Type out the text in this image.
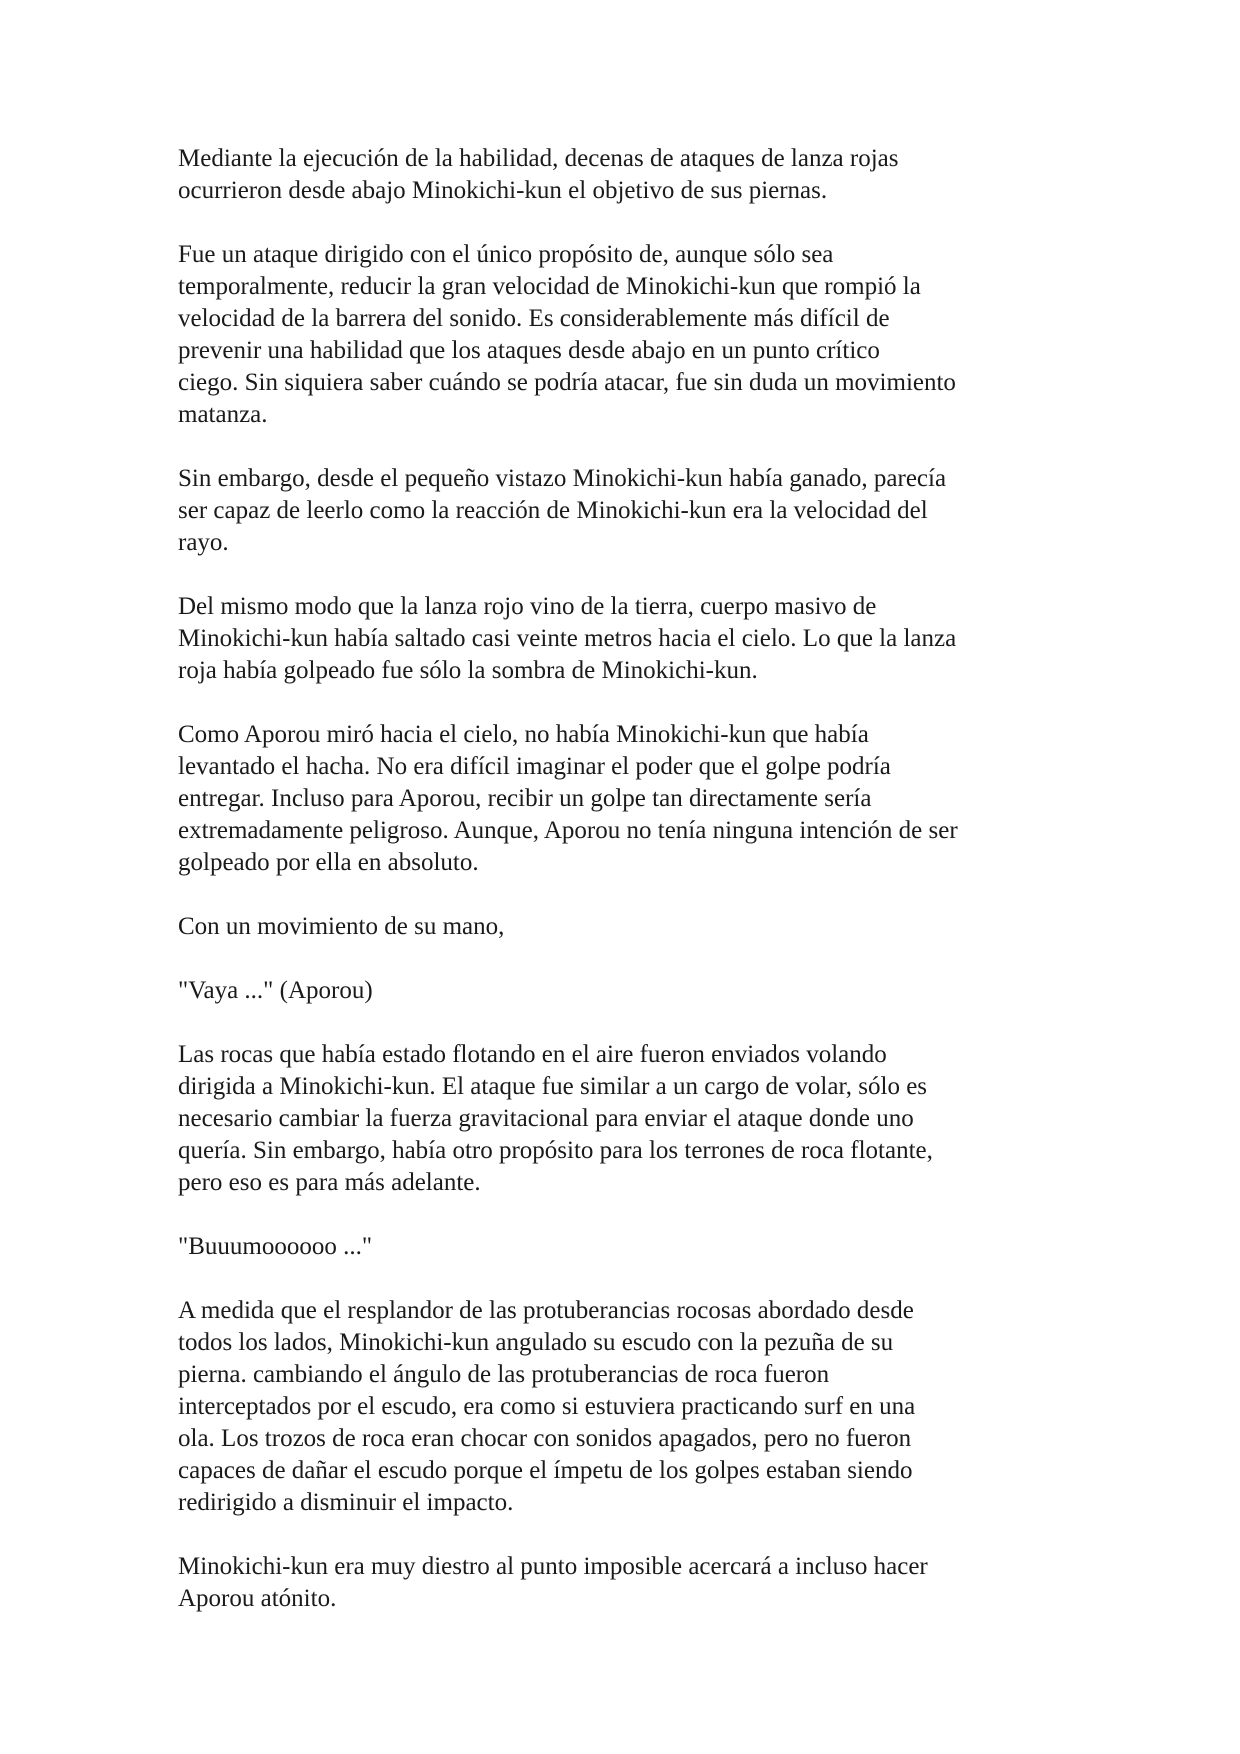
Mediante la ejecución de la habilidad, decenas de ataques de lanza rojas
ocurrieron desde abajo Minokichi-kun el objetivo de sus piernas.

Fue un ataque dirigido con el único propósito de, aunque sólo sea
temporalmente, reducir la gran velocidad de Minokichi-kun que rompió la
velocidad de la barrera del sonido. Es considerablemente más difícil de
prevenir una habilidad que los ataques desde abajo en un punto crítico
ciego. Sin siquiera saber cuándo se podría atacar, fue sin duda un movimiento
matanza.

Sin embargo, desde el pequeño vistazo Minokichi-kun había ganado, parecía
ser capaz de leerlo como la reacción de Minokichi-kun era la velocidad del
rayo.

Del mismo modo que la lanza rojo vino de la tierra, cuerpo masivo de
Minokichi-kun había saltado casi veinte metros hacia el cielo. Lo que la lanza
roja había golpeado fue sólo la sombra de Minokichi-kun.

Como Aporou miró hacia el cielo, no había Minokichi-kun que había
levantado el hacha. No era difícil imaginar el poder que el golpe podría
entregar. Incluso para Aporou, recibir un golpe tan directamente sería
extremadamente peligroso. Aunque, Aporou no tenía ninguna intención de ser
golpeado por ella en absoluto.

Con un movimiento de su mano,

"Vaya ..." (Aporou)

Las rocas que había estado flotando en el aire fueron enviados volando
dirigida a Minokichi-kun. El ataque fue similar a un cargo de volar, sólo es
necesario cambiar la fuerza gravitacional para enviar el ataque donde uno
quería. Sin embargo, había otro propósito para los terrones de roca flotante,
pero eso es para más adelante.

"Buuumoooooo ..."

A medida que el resplandor de las protuberancias rocosas abordado desde
todos los lados, Minokichi-kun angulado su escudo con la pezuña de su
pierna. cambiando el ángulo de las protuberancias de roca fueron
interceptados por el escudo, era como si estuviera practicando surf en una
ola. Los trozos de roca eran chocar con sonidos apagados, pero no fueron
capaces de dañar el escudo porque el ímpetu de los golpes estaban siendo
redirigido a disminuir el impacto.

Minokichi-kun era muy diestro al punto imposible acercará a incluso hacer
Aporou atónito.
